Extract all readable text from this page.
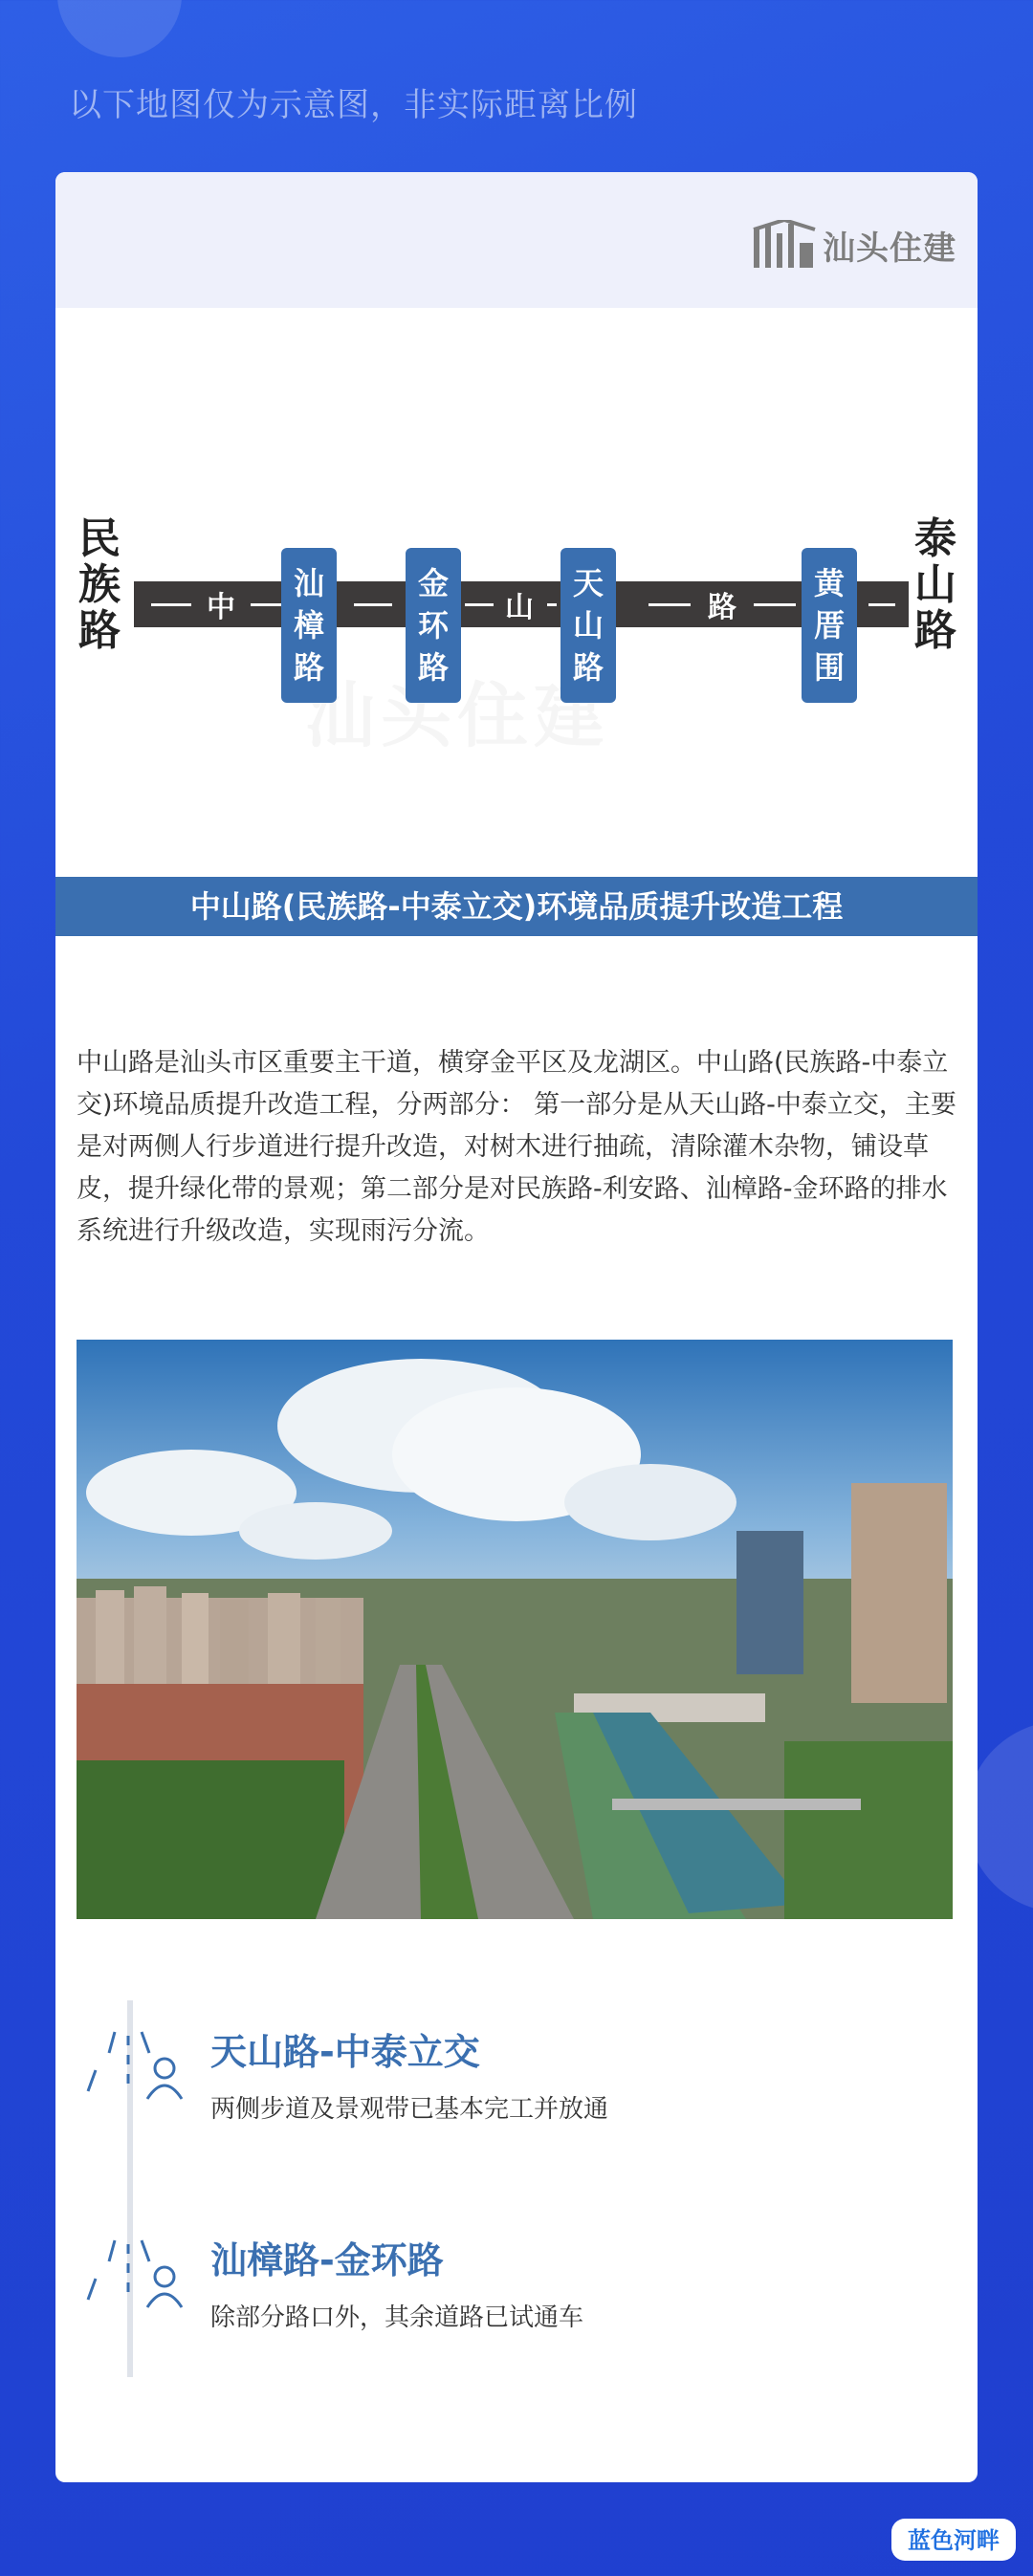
以下地图仅为示意图，非实际距离比例
汕头住建
民
族
路
泰
山
路
中	山	路
汕
樟
路
金
环
路
天
山
路
黄
厝
围
中山路(民族路-中泰立交)环境品质提升改造工程
中山路是汕头市区重要主干道，横穿金平区及龙湖区。中山路(民族路-中泰立交)环境品质提升改造工程，分两部分： 第一部分是从天山路-中泰立交，主要是对两侧人行步道进行提升改造，对树木进行抽疏，清除灌木杂物，铺设草皮，提升绿化带的景观；第二部分是对民族路-利安路、汕樟路-金环路的排水系统进行升级改造，实现雨污分流。
天山路-中泰立交
两侧步道及景观带已基本完工并放通
汕樟路-金环路
除部分路口外，其余道路已试通车
蓝色河畔
